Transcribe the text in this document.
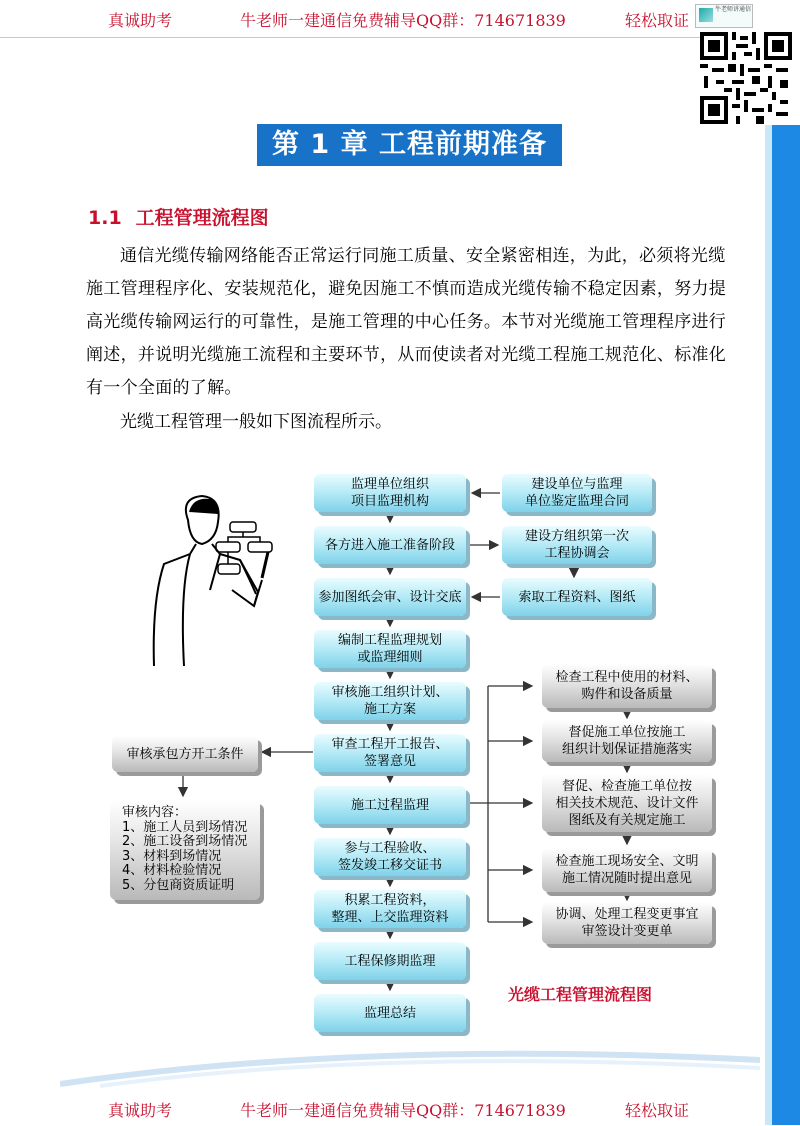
真诚助考	牛老师一建通信免费辅导QQ群：714671839	轻松取证
牛老师讲通信
第 1 章 工程前期准备
1.1 工程管理流程图
通信光缆传输网络能否正常运行同施工质量、安全紧密相连，为此，必须将光缆施工管理程序化、安装规范化，避免因施工不慎而造成光缆传输不稳定因素，努力提高光缆传输网运行的可靠性，是施工管理的中心任务。本节对光缆施工管理程序进行阐述，并说明光缆施工流程和主要环节，从而使读者对光缆工程施工规范化、标准化有一个全面的了解。
光缆工程管理一般如下图流程所示。
监理单位组织
项目监理机构
各方进入施工准备阶段
参加图纸会审、设计交底
编制工程监理规划
或监理细则
审核施工组织计划、
施工方案
审查工程开工报告、
签署意见
施工过程监理
参与工程验收、
签发竣工移交证书
积累工程资料，
整理、上交监理资料
工程保修期监理
监理总结
建设单位与监理
单位鉴定监理合同
建设方组织第一次
工程协调会
索取工程资料、图纸
检查工程中使用的材料、
购件和设备质量
督促施工单位按施工
组织计划保证措施落实
督促、检查施工单位按
相关技术规范、设计文件
图纸及有关规定施工
检查施工现场安全、文明
施工情况随时提出意见
协调、处理工程变更事宜
审签设计变更单
审核承包方开工条件
审核内容：
1、施工人员到场情况
2、施工设备到场情况
3、材料到场情况
4、材料检验情况
5、分包商资质证明
光缆工程管理流程图
真诚助考	牛老师一建通信免费辅导QQ群：714671839	轻松取证
